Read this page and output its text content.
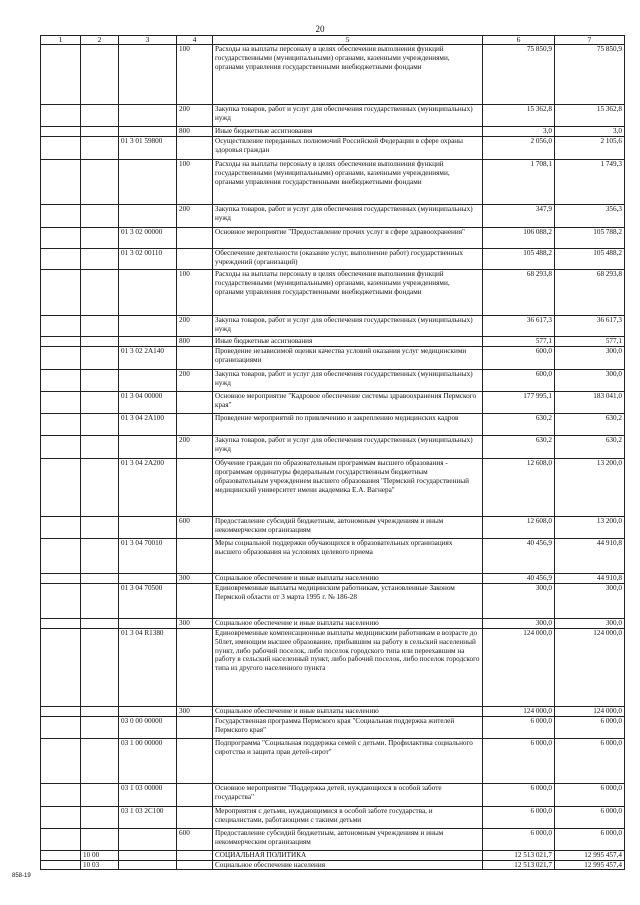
20
1	2	3	4	5	6	7
			100	Расходы на выплаты персоналу в целях обеспечения выполнения функций государственными (муниципальными) органами, казенными учреждениями, органами управления государственными внебюджетными фондами	75 850,9	75 850,9
			200	Закупка товаров, работ и услуг для обеспечения государственных (муниципальных) нужд	15 362,8	15 362,8
			800	Иные бюджетные ассигнования	3,0	3,0
		01 3 01 59800		Осуществление переданных полномочий Российской Федерации в сфере охраны здоровья граждан	2 056,0	2 105,6
			100	Расходы на выплаты персоналу в целях обеспечения выполнения функций государственными (муниципальными) органами, казенными учреждениями, органами управления государственными внебюджетными фондами	1 708,1	1 749,3
			200	Закупка товаров, работ и услуг для обеспечения государственных (муниципальных) нужд	347,9	356,3
		01 3 02 00000		Основное мероприятие "Предоставление прочих услуг в сфере здравоохранения"	106 088,2	105 788,2
		01 3 02 00110		Обеспечение деятельности (оказание услуг, выполнение работ) государственных учреждений (организаций)	105 488,2	105 488,2
			100	Расходы на выплаты персоналу в целях обеспечения выполнения функций государственными (муниципальными) органами, казенными учреждениями, органами управления государственными внебюджетными фондами	68 293,8	68 293,8
			200	Закупка товаров, работ и услуг для обеспечения государственных (муниципальных) нужд	36 617,3	36 617,3
			800	Иные бюджетные ассигнования	577,1	577,1
		01 3 02 2А140		Проведение независимой оценки качества условий оказания услуг медицинскими организациями	600,0	300,0
			200	Закупка товаров, работ и услуг для обеспечения государственных (муниципальных) нужд	600,0	300,0
		01 3 04 00000		Основное мероприятие "Кадровое обеспечение системы здравоохранения Пермского края"	177 995,1	183 041,0
		01 3 04 2А100		Проведение мероприятий по привлечению и закреплению медицинских кадров	630,2	630,2
			200	Закупка товаров, работ и услуг для обеспечения государственных (муниципальных) нужд	630,2	630,2
		01 3 04 2А200		Обучение граждан по образовательным программам высшего образования - программам ординатуры федеральным государственным бюджетным образовательным учреждением высшего образования "Пермский государственный медицинский университет имени академика Е.А. Вагнера"	12 608,0	13 200,0
			600	Предоставление субсидий бюджетным, автономным учреждениям и иным некоммерческим организациям	12 608,0	13 200,0
		01 3 04 70010		Меры социальной поддержки обучающихся в образовательных организациях высшего образования на условиях целевого приема	40 456,9	44 910,8
			300	Социальное обеспечение и иные выплаты населению	40 456,9	44 910,8
		01 3 04 70500		Единовременные выплаты медицинским работникам, установленные Законом Пермской области от 3 марта 1995 г. № 186-28	300,0	300,0
			300	Социальное обеспечение и иные выплаты населению	300,0	300,0
		01 3 04 R1380		Единовременные компенсационные выплаты медицинским работникам в возрасте до 50лет, имеющим высшее образование, прибывшим на работу в сельский населенный пункт, либо рабочий поселок, либо поселок городского типа или переехавшим на работу в сельский населенный пункт, либо рабочий поселок, либо поселок городского типа из другого населенного пункта	124 000,0	124 000,0
			300	Социальное обеспечение и иные выплаты населению	124 000,0	124 000,0
		03 0 00 00000		Государственная программа Пермского края "Социальная поддержка жителей Пермского края"	6 000,0	6 000,0
		03 1 00 00000		Подпрограмма "Социальная поддержка семей с детьми. Профилактика социального сиротства и защита прав детей-сирот"	6 000,0	6 000,0
		03 1 03 00000		Основное мероприятие "Поддержка детей, нуждающихся в особой заботе государства"	6 000,0	6 000,0
		03 1 03 2С100		Мероприятия с детьми, нуждающимися в особой заботе государства, и специалистами, работающими с такими детьми	6 000,0	6 000,0
			600	Предоставление субсидий бюджетным, автономным учреждениям и иным некоммерческим организациям	6 000,0	6 000,0
	10 00			СОЦИАЛЬНАЯ ПОЛИТИКА	12 513 021,7	12 995 457,4
	10 03			Социальное обеспечение населения	12 513 021,7	12 995 457,4
858-19
